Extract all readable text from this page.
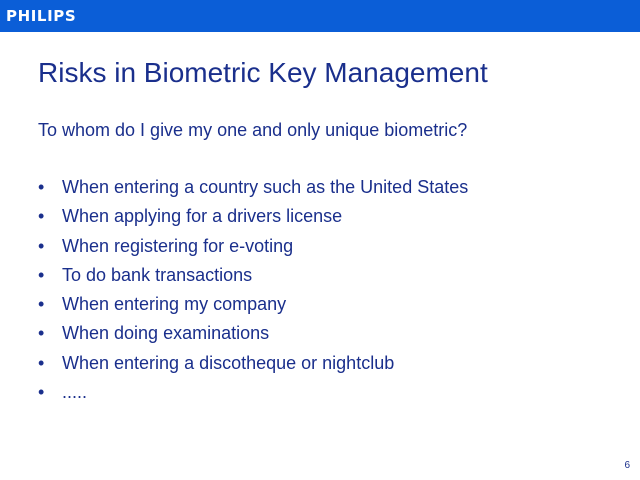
PHILIPS
Risks in Biometric Key Management

To whom do I give my one and only unique biometric?

• When entering a country such as the United States
• When applying for a drivers license
• When registering for e-voting
• To do bank transactions
• When entering my company
• When doing examinations
• When entering a discotheque or nightclub
• .....
6
